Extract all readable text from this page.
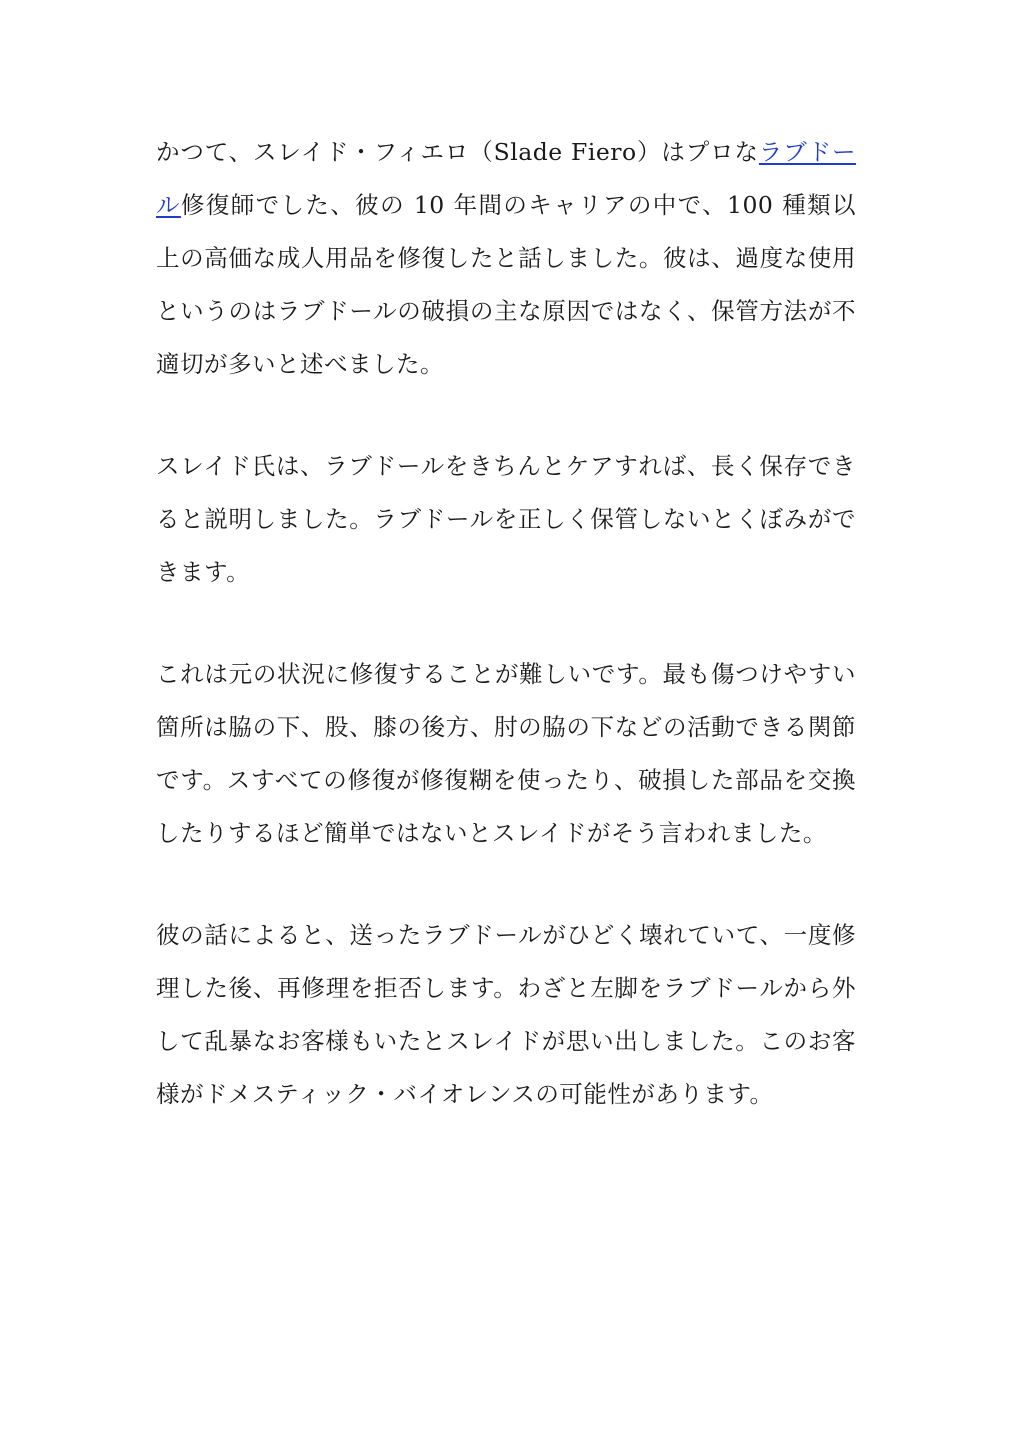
かつて、スレイド・フィエロ（Slade Fiero）はプロなラブドール修復師でした、彼の 10 年間のキャリアの中で、100 種類以上の高価な成人用品を修復したと話しました。彼は、過度な使用というのはラブドールの破損の主な原因ではなく、保管方法が不適切が多いと述べました。

スレイド氏は、ラブドールをきちんとケアすれば、長く保存できると説明しました。ラブドールを正しく保管しないとくぼみができます。

これは元の状況に修復することが難しいです。最も傷つけやすい箇所は脇の下、股、膝の後方、肘の脇の下などの活動できる関節です。スすべての修復が修復糊を使ったり、破損した部品を交換したりするほど簡単ではないとスレイドがそう言われました。

彼の話によると、送ったラブドールがひどく壊れていて、一度修理した後、再修理を拒否します。わざと左脚をラブドールから外して乱暴なお客様もいたとスレイドが思い出しました。このお客様がドメスティック・バイオレンスの可能性があります。
